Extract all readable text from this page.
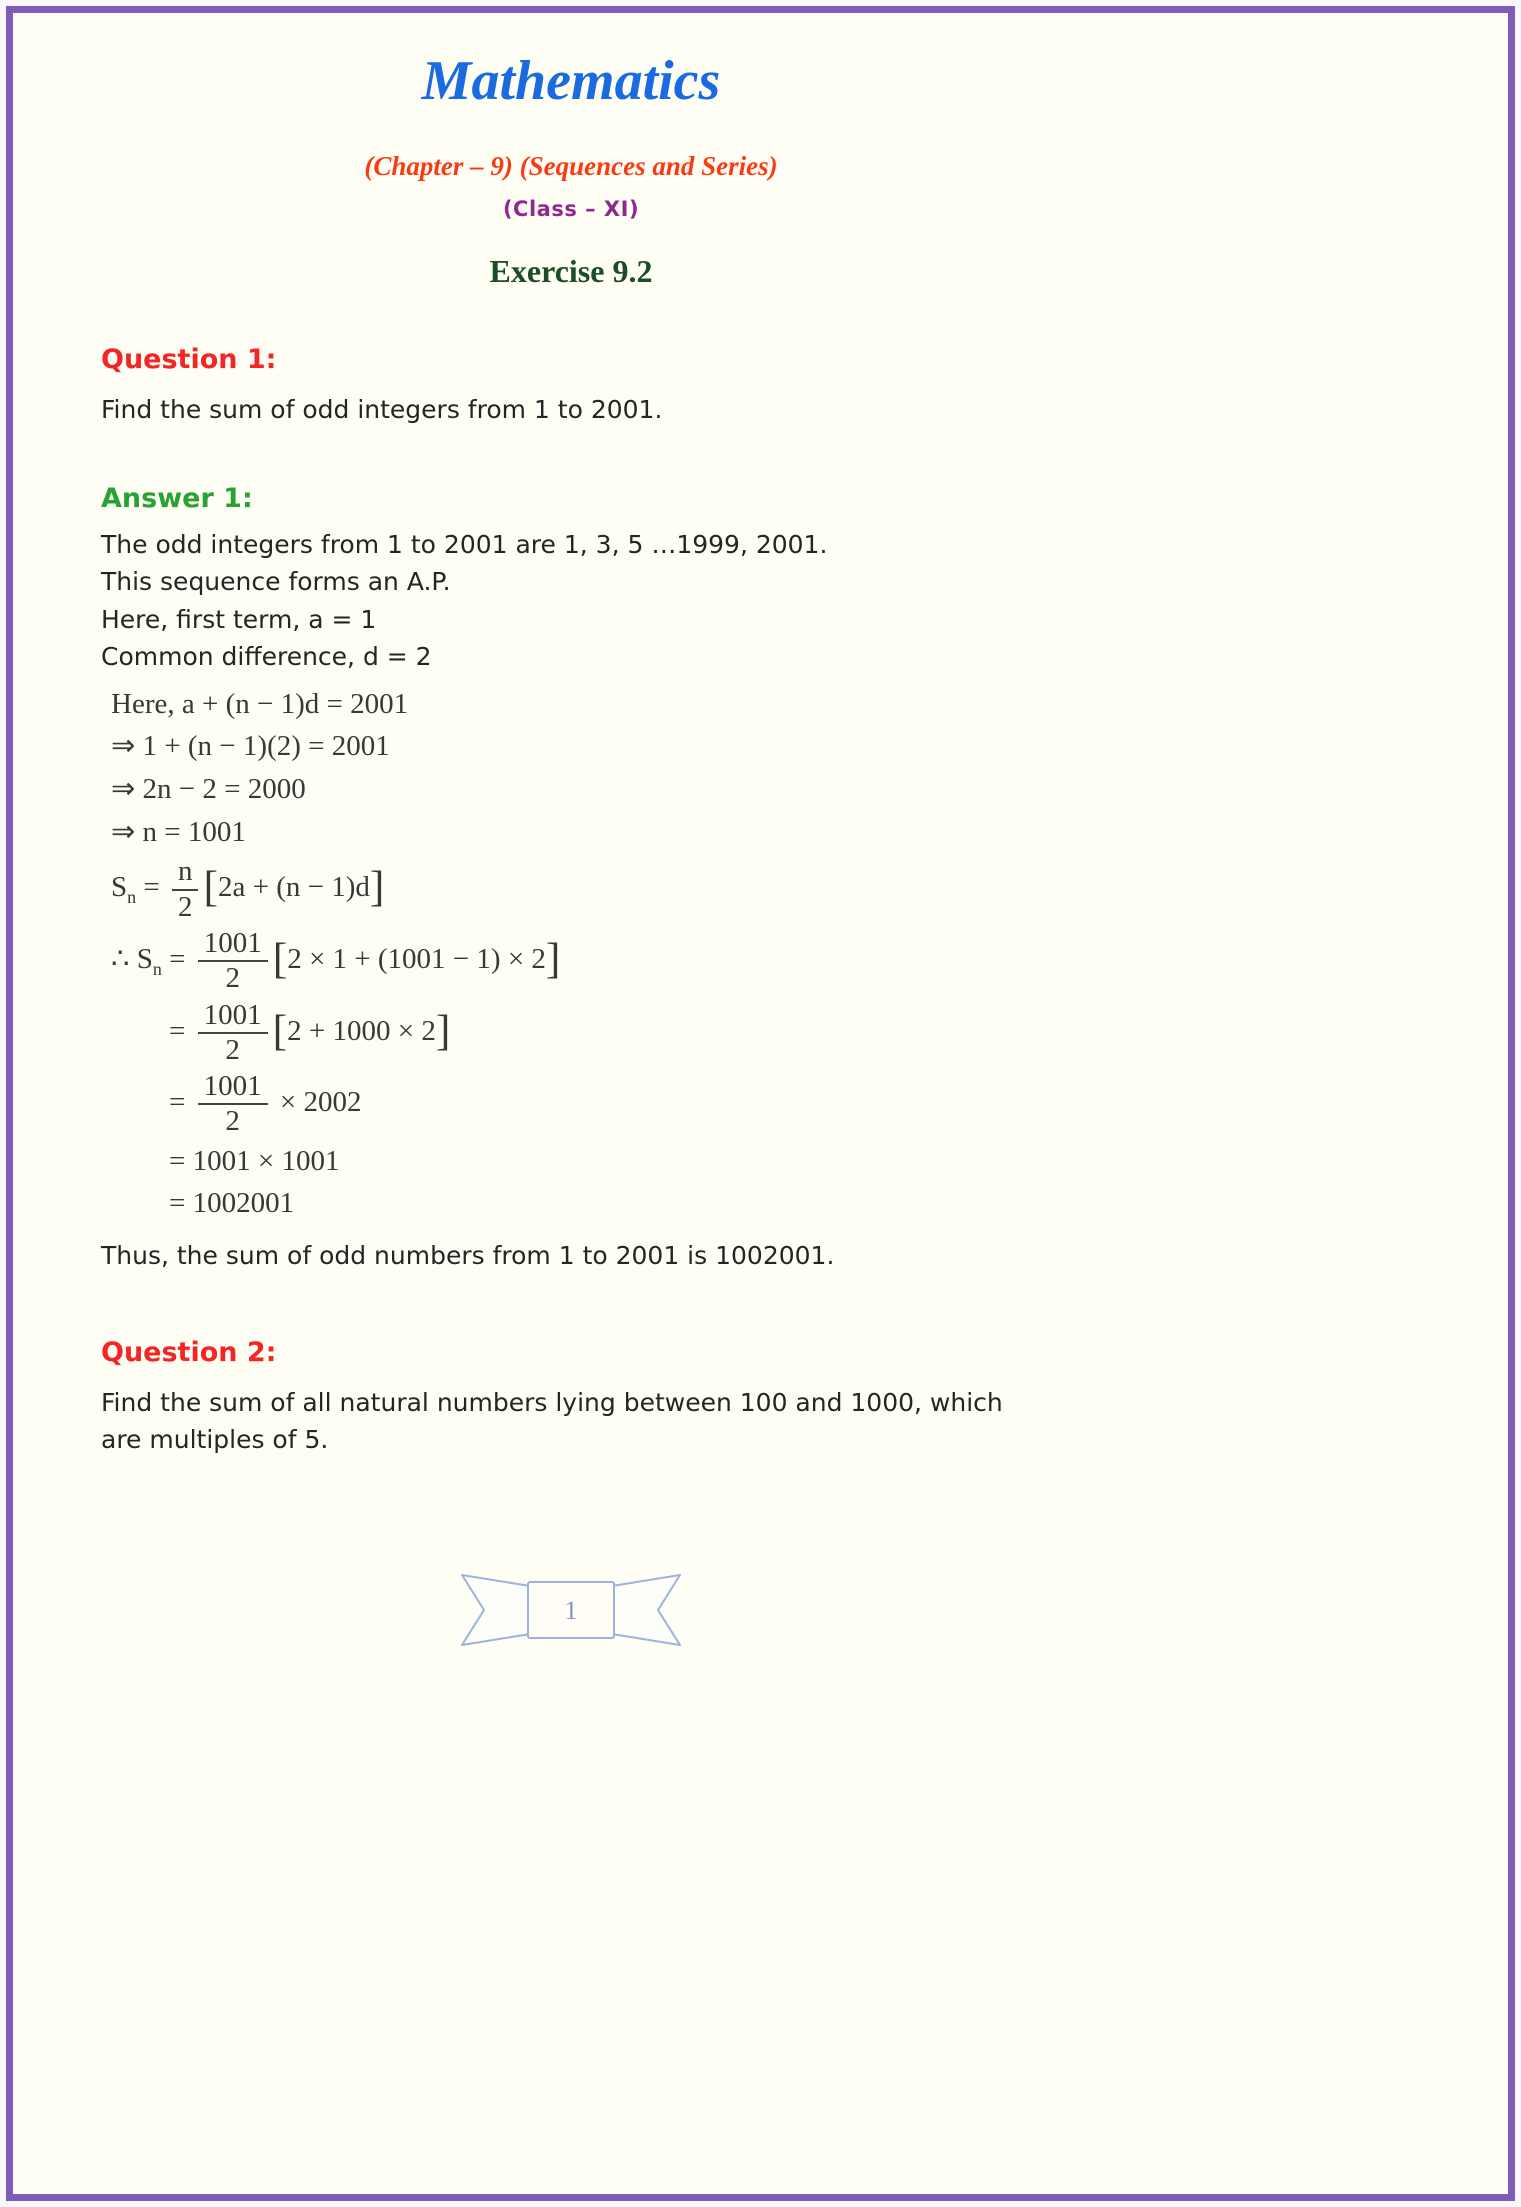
Mathematics
(Chapter – 9) (Sequences and Series)
(Class – XI)
Exercise 9.2
Question 1:
Find the sum of odd integers from 1 to 2001.
Answer 1:
The odd integers from 1 to 2001 are 1, 3, 5 …1999, 2001.
This sequence forms an A.P.
Here, first term, a = 1
Common difference, d = 2
Here, a + (n − 1)d = 2001
⇒ 1 + (n − 1)(2) = 2001
⇒ 2n − 2 = 2000
⇒ n = 1001
$S_n = \frac{n}{2} [2a + (n - 1)d]$
∴ $S_n = \frac{1001}{2} [2 \times 1 + (1001 - 1) \times 2]$
= $\frac{1001}{2} [2 + 1000 \times 2]$
= $\frac{1001}{2} \times 2002$
= 1001 × 1001
= 1002001
Thus, the sum of odd numbers from 1 to 2001 is 1002001.
Question 2:
Find the sum of all natural numbers lying between 100 and 1000, which are multiples of 5.
1
